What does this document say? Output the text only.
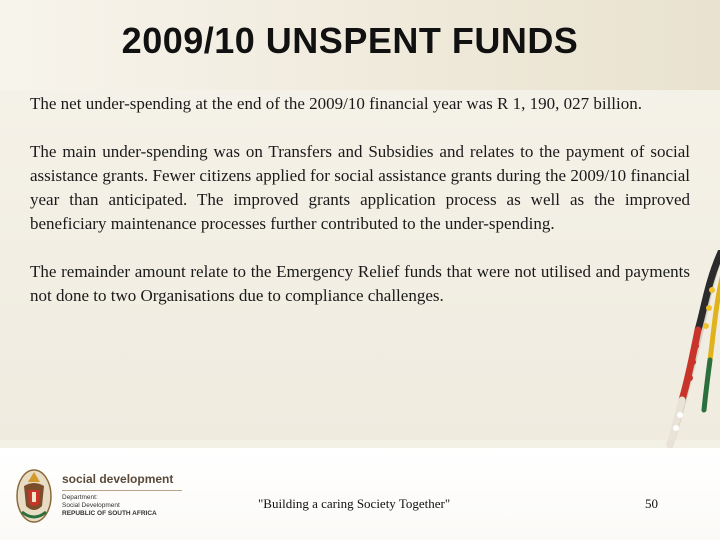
2009/10 UNSPENT FUNDS

The net under-spending at the end of the 2009/10 financial year was R 1, 190, 027 billion.

The main under-spending was on Transfers and Subsidies and relates to the payment of social assistance grants. Fewer citizens applied for social assistance grants during the 2009/10 financial year than anticipated. The improved grants application process as well as the improved beneficiary maintenance processes further contributed to the under-spending.

The remainder amount relate to the Emergency Relief funds that were not utilised and payments not done to two Organisations due to compliance challenges.

social development
Department:
Social Development
REPUBLIC OF SOUTH AFRICA
"Building a caring Society Together"	50
